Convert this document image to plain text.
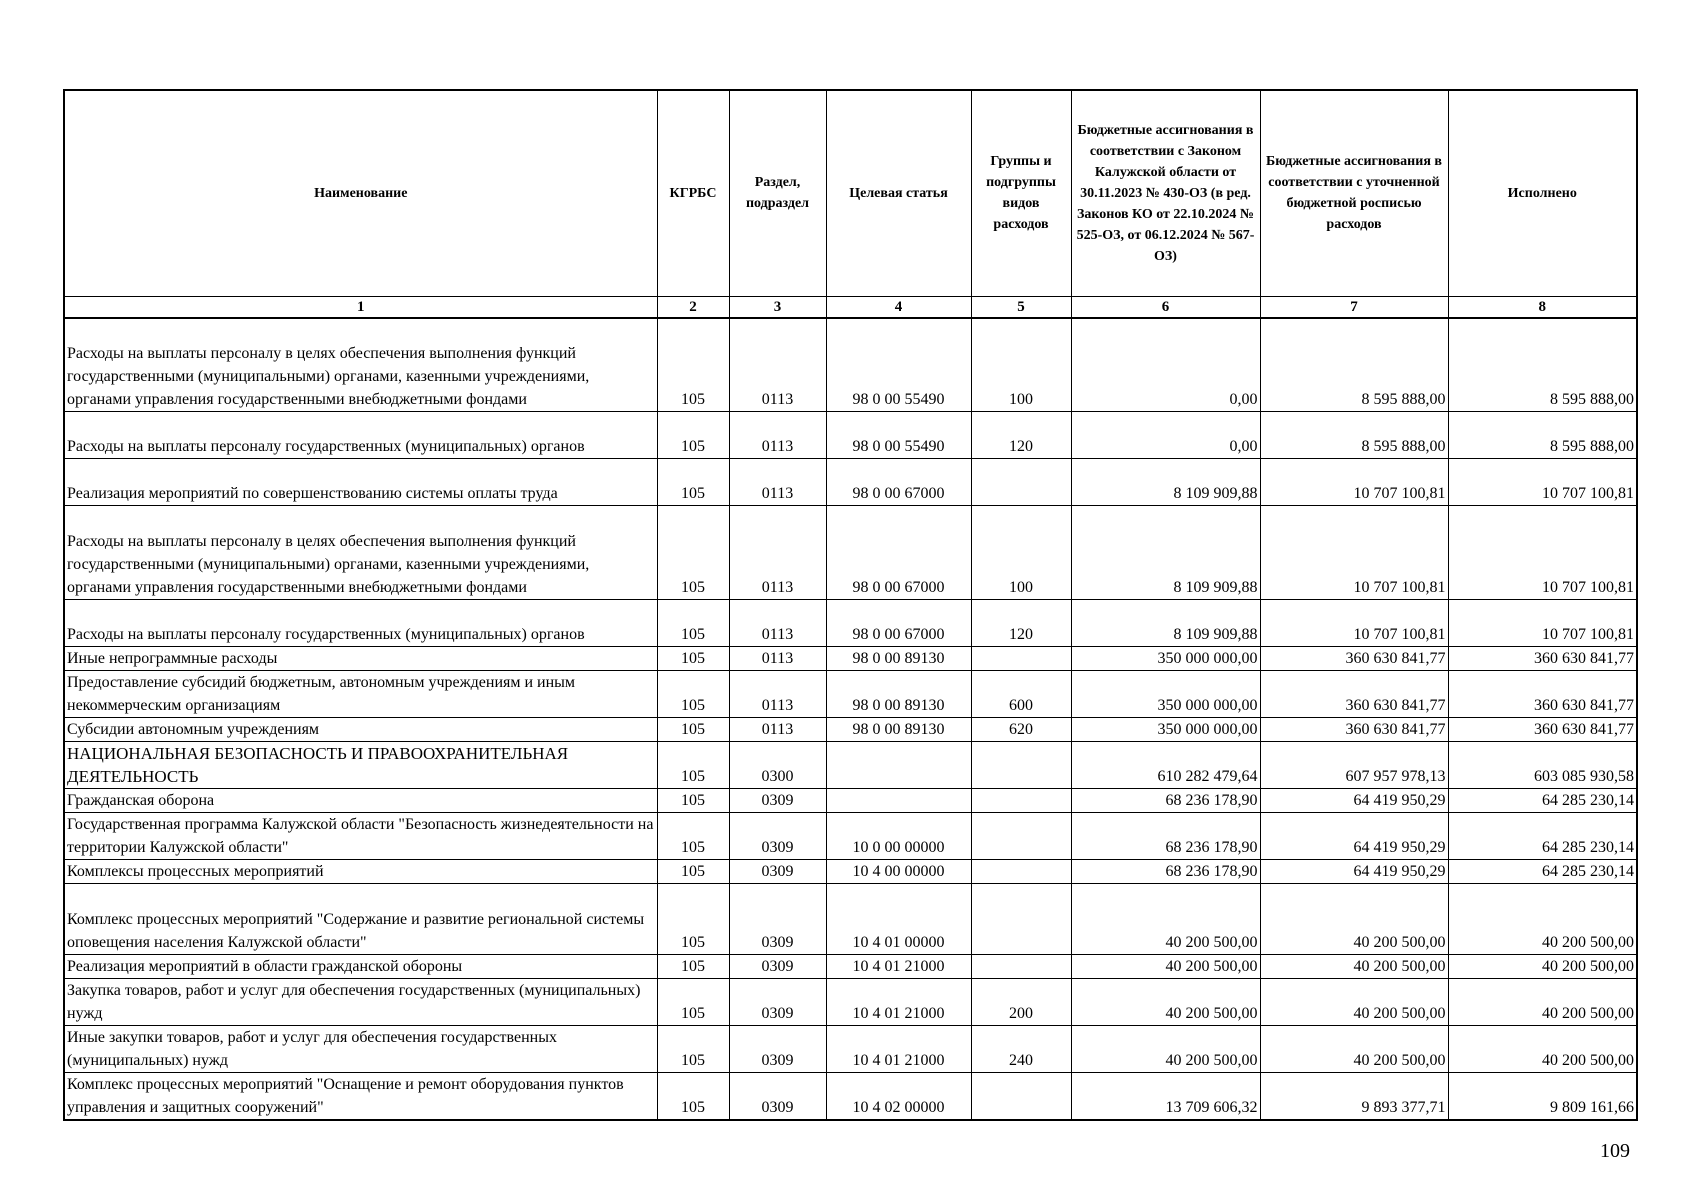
Наименование	КГРБС	Раздел, подраздел	Целевая статья	Группы и подгруппы видов расходов	Бюджетные ассигнования в соответствии с Законом Калужской области от 30.11.2023 № 430-ОЗ (в ред. Законов КО от 22.10.2024 № 525-ОЗ, от 06.12.2024 № 567-ОЗ)	Бюджетные ассигнования в соответствии с уточненной бюджетной росписью расходов	Исполнено
1	2	3	4	5	6	7	8
Расходы на выплаты персоналу в целях обеспечения выполнения функций государственными (муниципальными) органами, казенными учреждениями, органами управления государственными внебюджетными фондами	105	0113	98 0 00 55490	100	0,00	8 595 888,00	8 595 888,00
Расходы на выплаты персоналу государственных (муниципальных) органов	105	0113	98 0 00 55490	120	0,00	8 595 888,00	8 595 888,00
Реализация мероприятий по совершенствованию системы оплаты труда	105	0113	98 0 00 67000		8 109 909,88	10 707 100,81	10 707 100,81
Расходы на выплаты персоналу в целях обеспечения выполнения функций государственными (муниципальными) органами, казенными учреждениями, органами управления государственными внебюджетными фондами	105	0113	98 0 00 67000	100	8 109 909,88	10 707 100,81	10 707 100,81
Расходы на выплаты персоналу государственных (муниципальных) органов	105	0113	98 0 00 67000	120	8 109 909,88	10 707 100,81	10 707 100,81
Иные непрограммные расходы	105	0113	98 0 00 89130		350 000 000,00	360 630 841,77	360 630 841,77
Предоставление субсидий бюджетным, автономным учреждениям и иным некоммерческим организациям	105	0113	98 0 00 89130	600	350 000 000,00	360 630 841,77	360 630 841,77
Субсидии автономным учреждениям	105	0113	98 0 00 89130	620	350 000 000,00	360 630 841,77	360 630 841,77
НАЦИОНАЛЬНАЯ БЕЗОПАСНОСТЬ И ПРАВООХРАНИТЕЛЬНАЯ ДЕЯТЕЛЬНОСТЬ	105	0300			610 282 479,64	607 957 978,13	603 085 930,58
Гражданская оборона	105	0309			68 236 178,90	64 419 950,29	64 285 230,14
Государственная программа Калужской области "Безопасность жизнедеятельности на территории Калужской области"	105	0309	10 0 00 00000		68 236 178,90	64 419 950,29	64 285 230,14
Комплексы процессных мероприятий	105	0309	10 4 00 00000		68 236 178,90	64 419 950,29	64 285 230,14
Комплекс процессных мероприятий "Содержание и развитие региональной системы оповещения населения Калужской области"	105	0309	10 4 01 00000		40 200 500,00	40 200 500,00	40 200 500,00
Реализация мероприятий в области гражданской обороны	105	0309	10 4 01 21000		40 200 500,00	40 200 500,00	40 200 500,00
Закупка товаров, работ и услуг для обеспечения государственных (муниципальных) нужд	105	0309	10 4 01 21000	200	40 200 500,00	40 200 500,00	40 200 500,00
Иные закупки товаров, работ и услуг для обеспечения государственных (муниципальных) нужд	105	0309	10 4 01 21000	240	40 200 500,00	40 200 500,00	40 200 500,00
Комплекс процессных мероприятий "Оснащение и ремонт оборудования пунктов управления и защитных сооружений"	105	0309	10 4 02 00000		13 709 606,32	9 893 377,71	9 809 161,66
109
